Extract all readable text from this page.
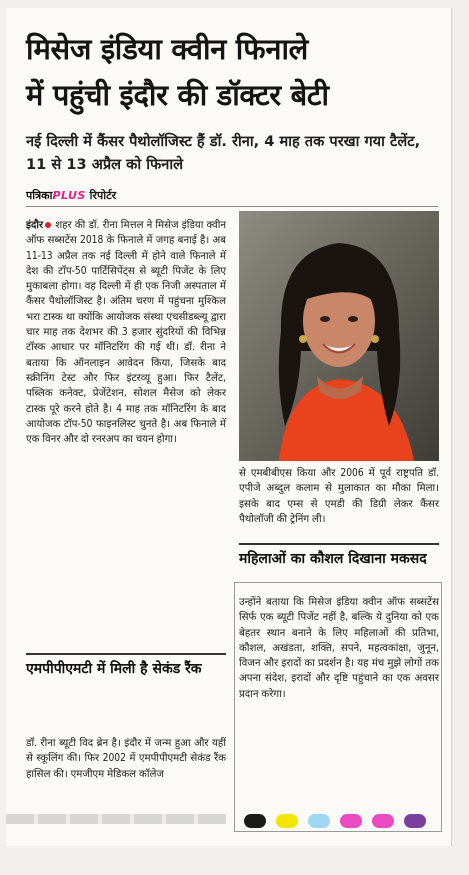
मिसेज इंडिया क्वीन फिनाले
में पहुंची इंदौर की डॉक्टर बेटी
नई दिल्ली में कैंसर पैथोलॉजिस्ट हैं डॉ. रीना, 4 माह तक परखा गया टैलेंट, 11 से 13 अप्रैल को फिनाले
पत्रिकाPLUS रिपोर्टर

इंदौर शहर की डॉ. रीना मित्तल ने मिसेज इंडिया क्वीन ऑफ सब्सटेंस 2018 के फिनाले में जगह बनाई है। अब 11-13 अप्रैल तक नई दिल्ली में होने वाले फिनाले में देश की टॉप-50 पार्टिसिपेंट्स से ब्यूटी पिजेंट के लिए मुकाबला होगा। वह दिल्ली में ही एक निजी अस्पताल में कैंसर पैथोलॉजिस्ट है। अंतिम चरण में पहुंचना मुश्किल भरा टास्क था क्योंकि आयोजक संस्था एचसीडब्ल्यू द्वारा चार माह तक देशभर की 3 हजार सुंदरियों की विभिन्न टॉस्क आधार पर मॉनिटरिंग की गई थी। डॉ. रीना ने बताया कि ऑनलाइन आवेदन किया, जिसके बाद स्क्रीनिंग टेस्ट और फिर इंटरव्यू हुआ। फिर टैलेंट, पब्लिक कनेक्ट, प्रेजेंटेशन, सोशल मैसेज को लेकर टास्क पूरे करने होते है। 4 माह तक मॉनिटरिंग के बाद आयोजक टॉप-50 फाइनलिस्ट चुनते है। अब फिनाले में एक विनर और दो रनरअप का चयन होगा।

से एमबीबीएस किया और 2006 में पूर्व राष्ट्रपति डॉ. एपीजे अब्दुल कलाम से मुलाकात का मौका मिला। इसके बाद एम्स से एमडी की डिग्री लेकर कैंसर पैथोलॉजी की ट्रेनिंग ली।

महिलाओं का कौशल दिखाना मकसद

उन्होंने बताया कि मिसेज इंडिया क्वीन ऑफ सब्सटेंस सिर्फ एक ब्यूटी पिजेंट नहीं है, बल्कि ये दुनिया को एक बेहतर स्थान बनाने के लिए महिलाओं की प्रतिभा, कौशल, अखंडता, शक्ति, सपने, महत्वकांक्षा, जुनून, विजन और इरादों का प्रदर्शन है। यह मंच मुझे लोगों तक अपना संदेश, इरादों और दृष्टि पहुंचाने का एक अवसर प्रदान करेगा।

एमपीपीएमटी में मिली है सेकंड रैंक

डॉ. रीना ब्यूटी विद ब्रेन है। इंदौर में जन्म हुआ और यहीं से स्कूलिंग की। फिर 2002 में एमपीपीएमटी सेकंड रैंक हासिल की। एमजीएम मेडिकल कॉलेज
